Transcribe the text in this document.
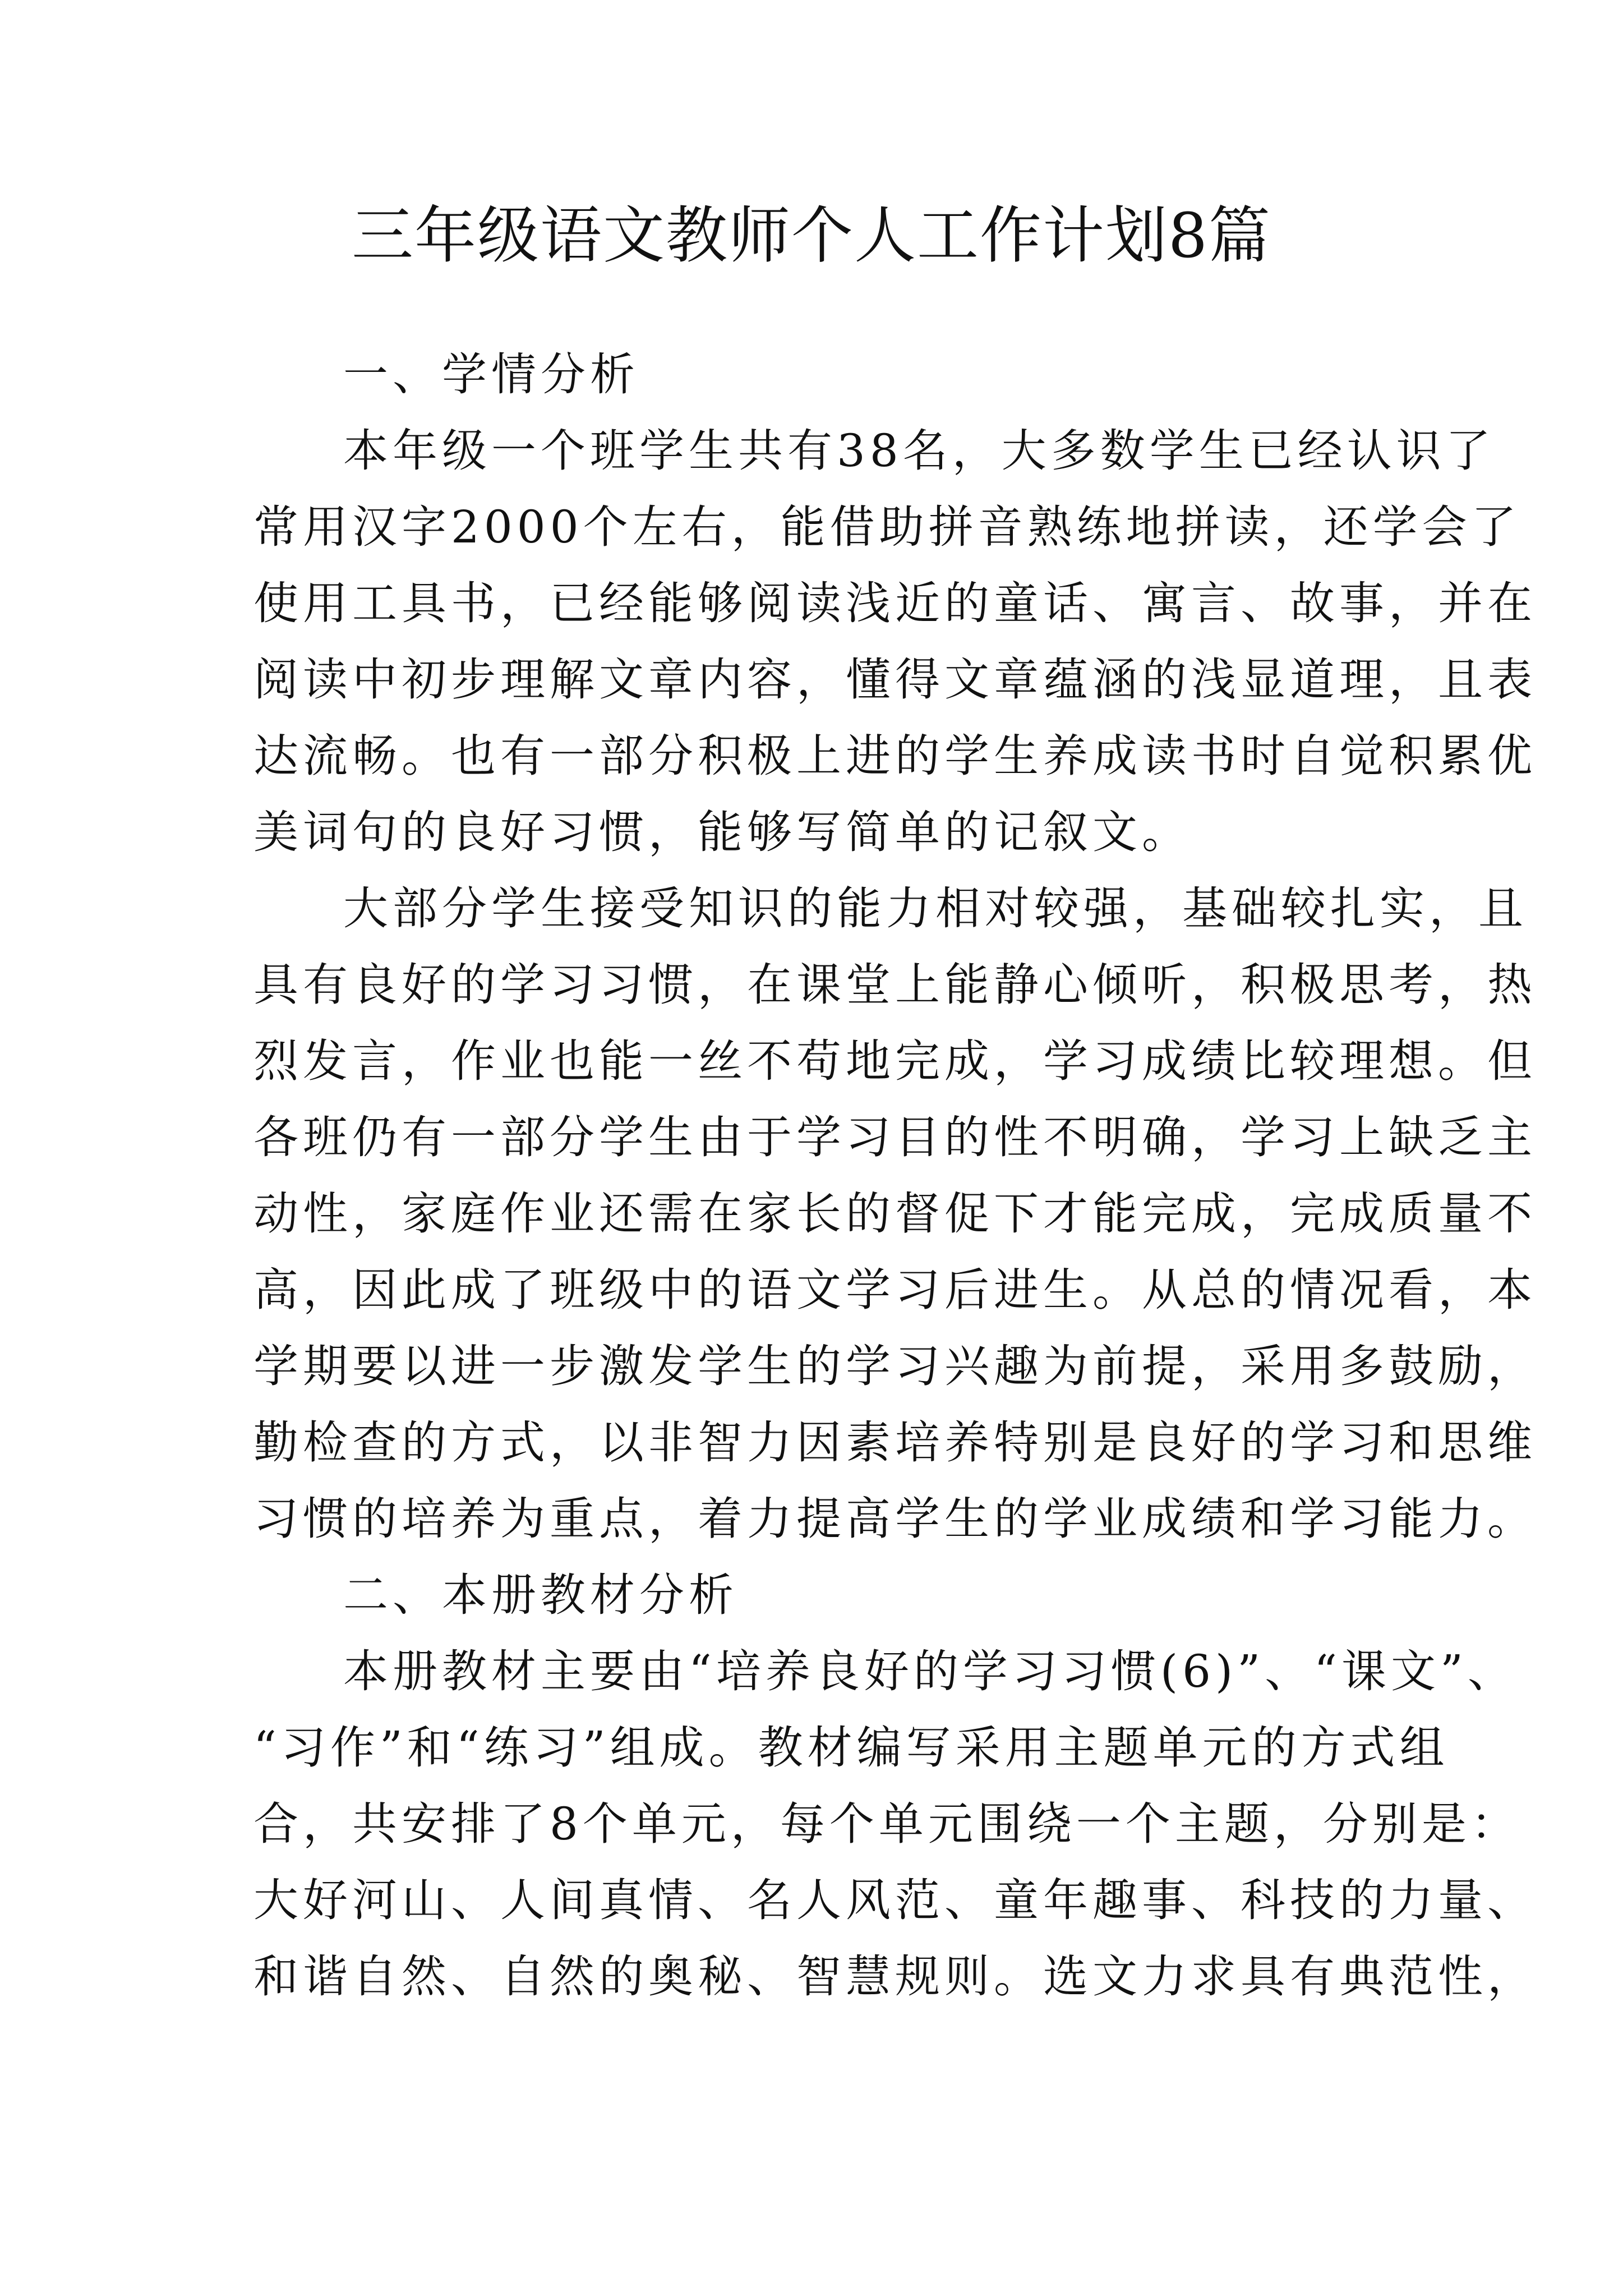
三年级语文教师个人工作计划8篇
一、学情分析
本年级一个班学生共有38名，大多数学生已经认识了
常用汉字2000个左右，能借助拼音熟练地拼读，还学会了
使用工具书，已经能够阅读浅近的童话、寓言、故事，并在
阅读中初步理解文章内容，懂得文章蕴涵的浅显道理，且表
达流畅。也有一部分积极上进的学生养成读书时自觉积累优
美词句的良好习惯，能够写简单的记叙文。
大部分学生接受知识的能力相对较强，基础较扎实，且
具有良好的学习习惯，在课堂上能静心倾听，积极思考，热
烈发言，作业也能一丝不苟地完成，学习成绩比较理想。但
各班仍有一部分学生由于学习目的性不明确，学习上缺乏主
动性，家庭作业还需在家长的督促下才能完成，完成质量不
高，因此成了班级中的语文学习后进生。从总的情况看，本
学期要以进一步激发学生的学习兴趣为前提，采用多鼓励，
勤检查的方式，以非智力因素培养特别是良好的学习和思维
习惯的培养为重点，着力提高学生的学业成绩和学习能力。
二、本册教材分析
本册教材主要由“培养良好的学习习惯(6)”、“课文”、
“习作”和“练习”组成。教材编写采用主题单元的方式组
合，共安排了8个单元，每个单元围绕一个主题，分别是：
大好河山、人间真情、名人风范、童年趣事、科技的力量、
和谐自然、自然的奥秘、智慧规则。选文力求具有典范性，
